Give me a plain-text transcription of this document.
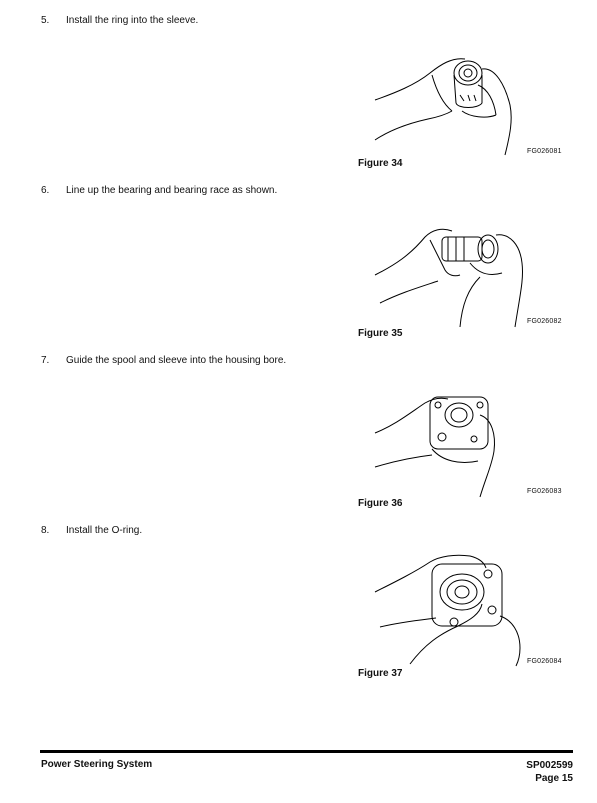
5. Install the ring into the sleeve.
FG026081
Figure 34
6. Line up the bearing and bearing race as shown.
FG026082
Figure 35
7. Guide the spool and sleeve into the housing bore.
FG026083
Figure 36
8. Install the O-ring.
FG026084
Figure 37
Power Steering System	SP002599
Page 15
